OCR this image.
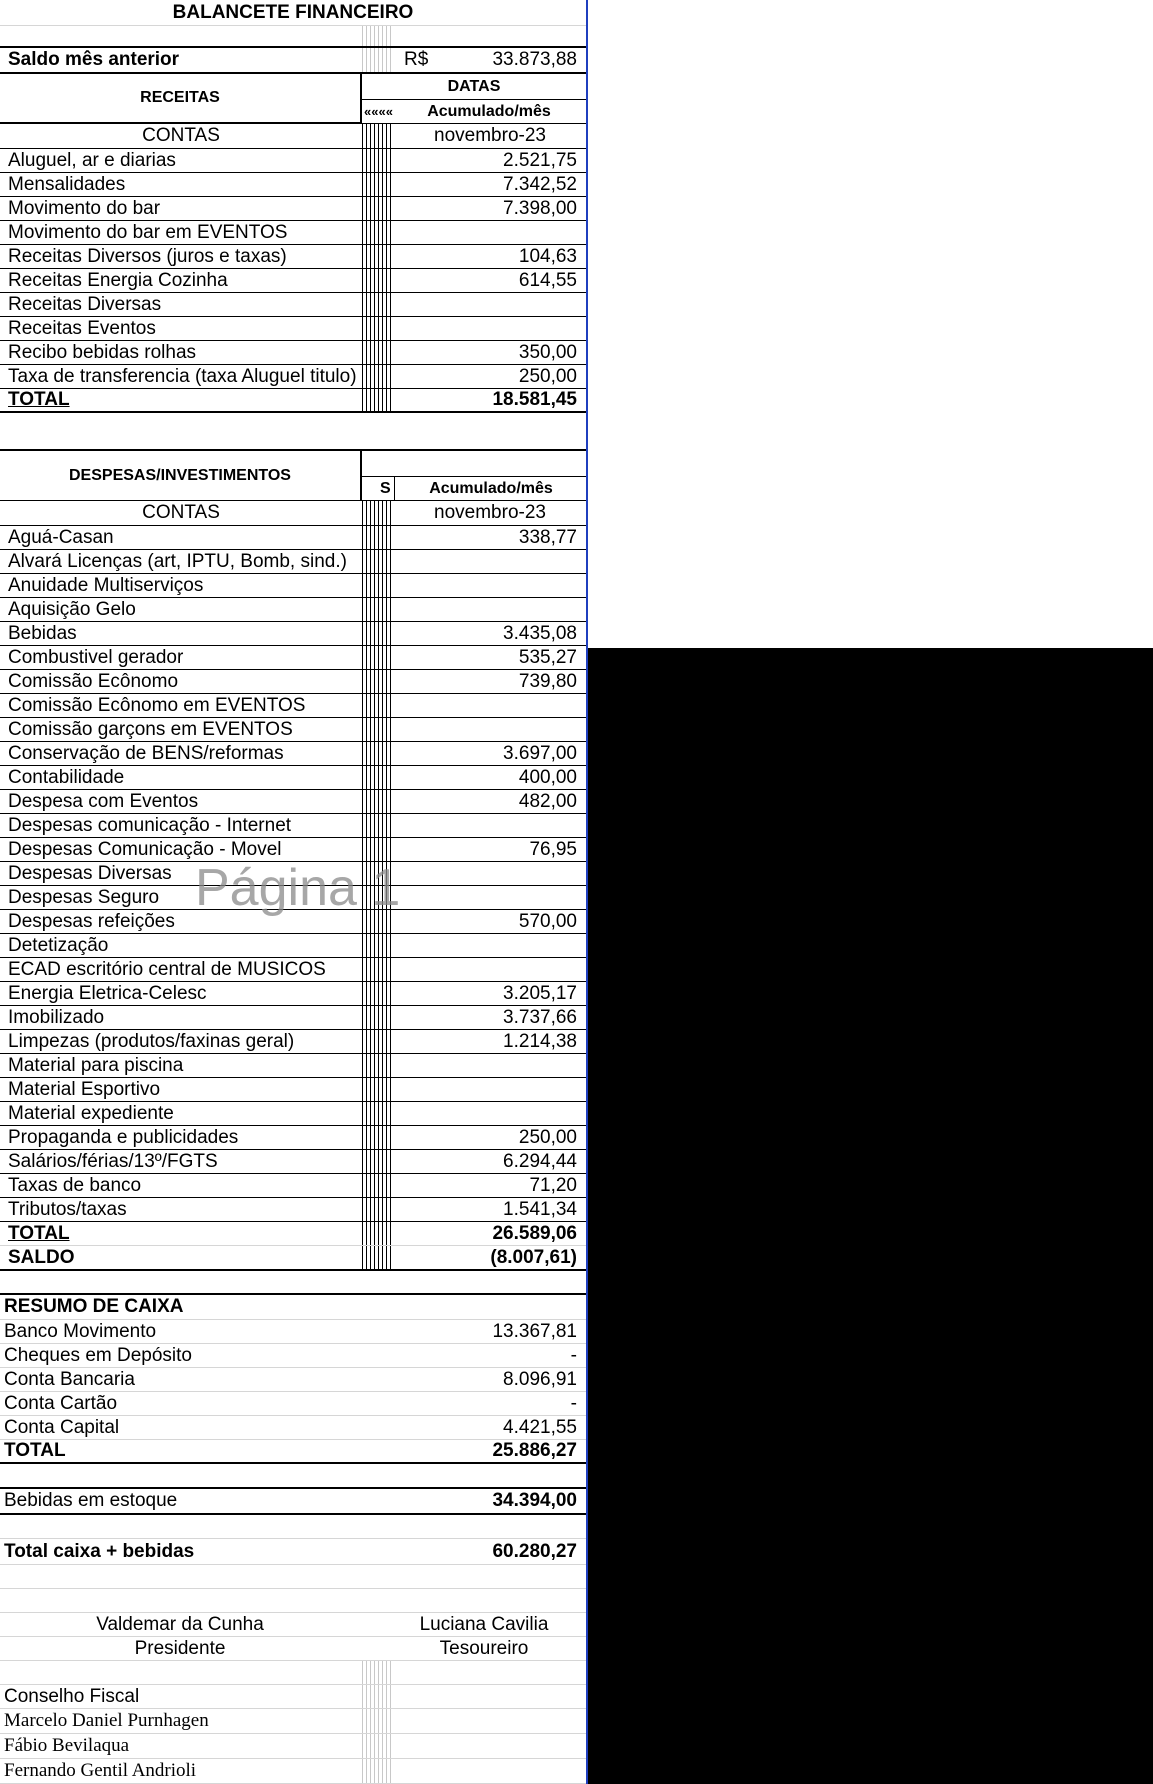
BALANCETE FINANCEIRO
Saldo mês anterior	R$	33.873,88
RECEITAS
DATAS
««««	Acumulado/mês
CONTAS	novembro-23
Aluguel, ar e diarias	2.521,75
Mensalidades	7.342,52
Movimento do bar	7.398,00
Movimento do bar em EVENTOS
Receitas Diversos (juros e taxas)	104,63
Receitas Energia Cozinha	614,55
Receitas Diversas
Receitas Eventos
Recibo bebidas rolhas	350,00
Taxa de transferencia (taxa Aluguel titulo)	250,00
TOTAL	18.581,45
DESPESAS/INVESTIMENTOS
S	Acumulado/mês
CONTAS	novembro-23
Aguá-Casan	338,77
Alvará Licenças (art, IPTU, Bomb, sind.)
Anuidade Multiserviços
Aquisição Gelo
Bebidas	3.435,08
Combustivel gerador	535,27
Comissão Ecônomo	739,80
Comissão Ecônomo em EVENTOS
Comissão garçons em EVENTOS
Conservação de BENS/reformas	3.697,00
Contabilidade	400,00
Despesa com Eventos	482,00
Despesas comunicação - Internet
Despesas Comunicação - Movel	76,95
Despesas Diversas
Despesas Seguro
Despesas refeições	570,00
Detetização
ECAD escritório central de MUSICOS
Energia Eletrica-Celesc	3.205,17
Imobilizado	3.737,66
Limpezas (produtos/faxinas geral)	1.214,38
Material para piscina
Material Esportivo
Material expediente
Propaganda e publicidades	250,00
Salários/férias/13º/FGTS	6.294,44
Taxas de banco	71,20
Tributos/taxas	1.541,34
TOTAL	26.589,06
SALDO	(8.007,61)
RESUMO DE CAIXA
Banco Movimento	13.367,81
Cheques em Depósito	-
Conta Bancaria	8.096,91
Conta Cartão	-
Conta Capital	4.421,55
TOTAL	25.886,27
Bebidas em estoque	34.394,00
Total caixa + bebidas	60.280,27
Valdemar da Cunha	Luciana Cavilia
Presidente	Tesoureiro
Conselho Fiscal
Marcelo Daniel Purnhagen
Fábio Bevilaqua
Fernando Gentil Andrioli
Página 1
